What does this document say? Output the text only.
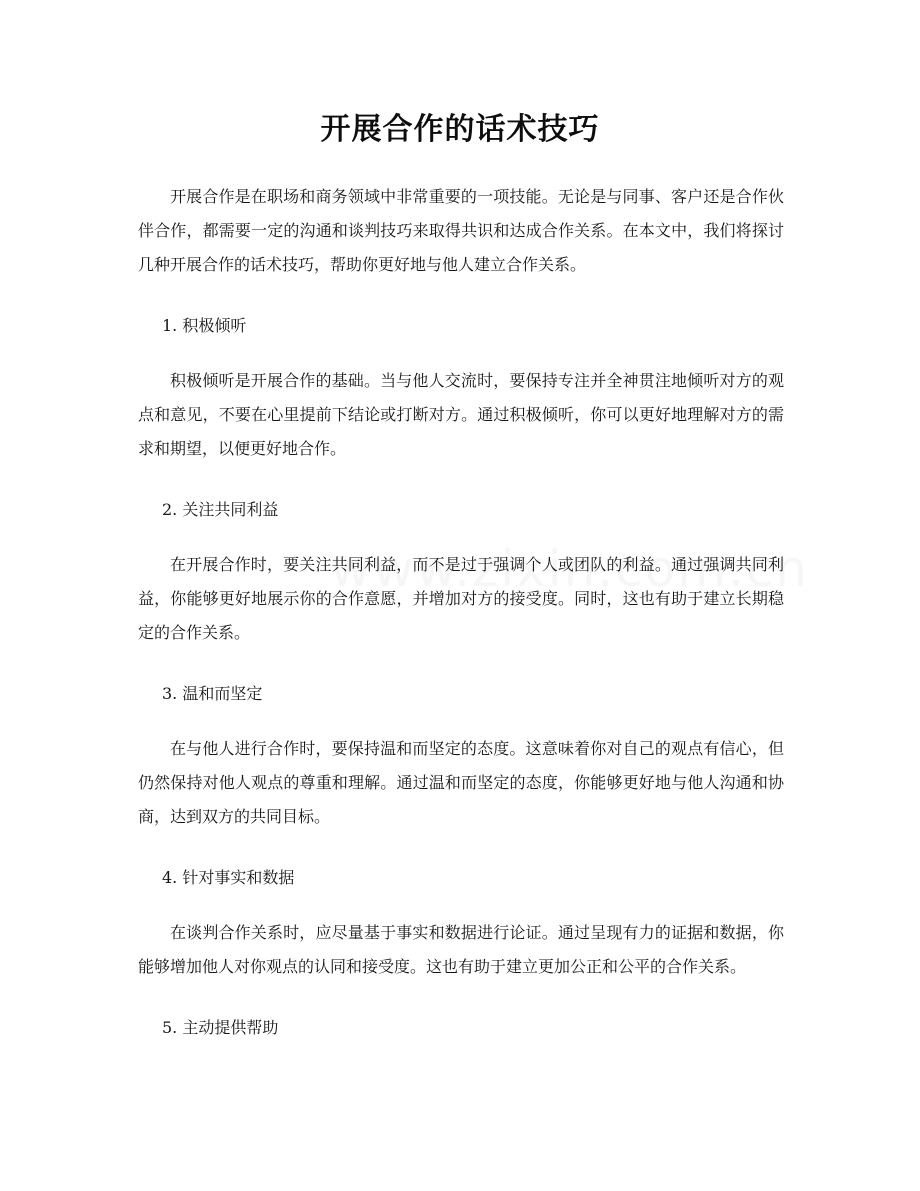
开展合作的话术技巧

开展合作是在职场和商务领域中非常重要的一项技能。无论是与同事、客户还是合作伙伴合作，都需要一定的沟通和谈判技巧来取得共识和达成合作关系。在本文中，我们将探讨几种开展合作的话术技巧，帮助你更好地与他人建立合作关系。

1. 积极倾听

积极倾听是开展合作的基础。当与他人交流时，要保持专注并全神贯注地倾听对方的观点和意见，不要在心里提前下结论或打断对方。通过积极倾听，你可以更好地理解对方的需求和期望，以便更好地合作。

2. 关注共同利益

在开展合作时，要关注共同利益，而不是过于强调个人或团队的利益。通过强调共同利益，你能够更好地展示你的合作意愿，并增加对方的接受度。同时，这也有助于建立长期稳定的合作关系。

3. 温和而坚定

在与他人进行合作时，要保持温和而坚定的态度。这意味着你对自己的观点有信心，但仍然保持对他人观点的尊重和理解。通过温和而坚定的态度，你能够更好地与他人沟通和协商，达到双方的共同目标。

4. 针对事实和数据

在谈判合作关系时，应尽量基于事实和数据进行论证。通过呈现有力的证据和数据，你能够增加他人对你观点的认同和接受度。这也有助于建立更加公正和公平的合作关系。

5. 主动提供帮助
